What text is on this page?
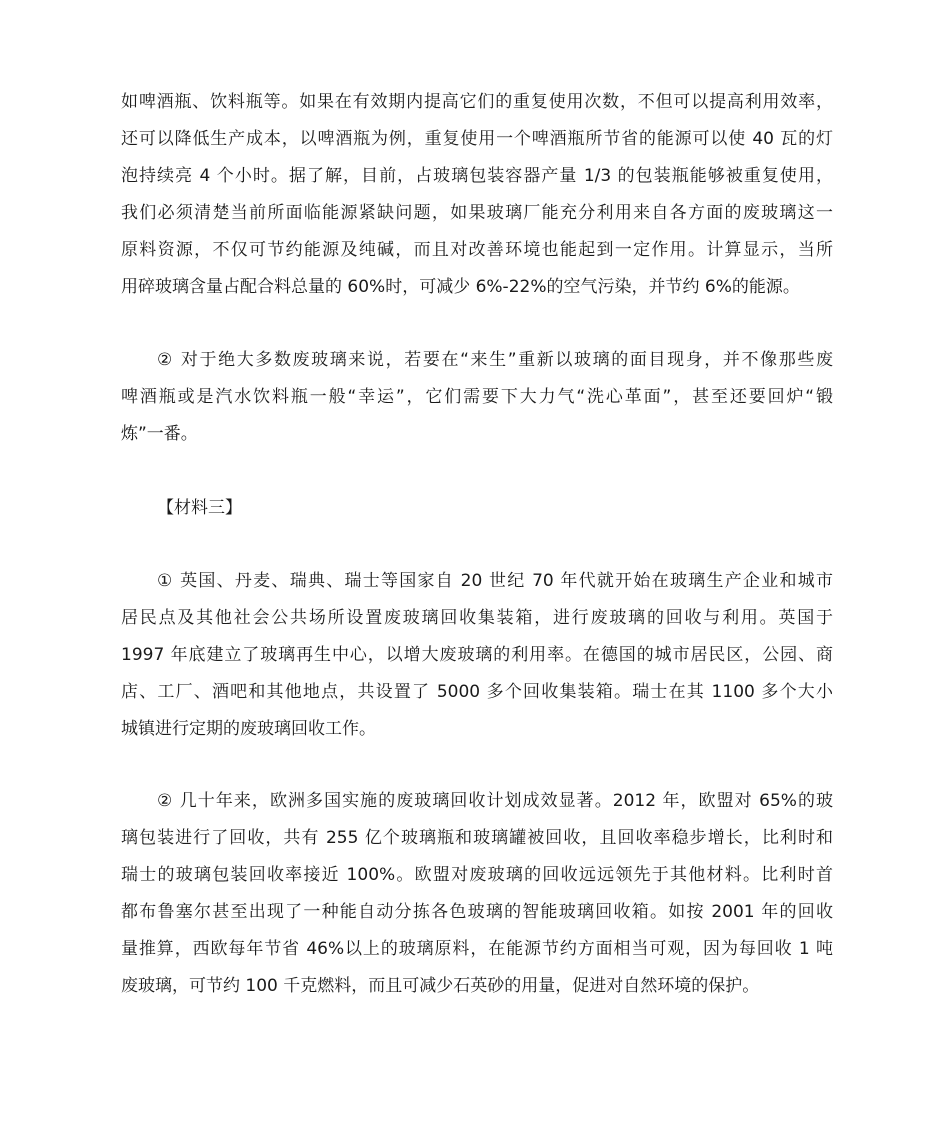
如啤酒瓶、饮料瓶等。如果在有效期内提高它们的重复使用次数，不但可以提高利用效率，
还可以降低生产成本，以啤酒瓶为例，重复使用一个啤酒瓶所节省的能源可以使 40 瓦的灯
泡持续亮 4 个小时。据了解，目前，占玻璃包装容器产量 1/3 的包装瓶能够被重复使用，
我们必须清楚当前所面临能源紧缺问题，如果玻璃厂能充分利用来自各方面的废玻璃这一
原料资源，不仅可节约能源及纯碱，而且对改善环境也能起到一定作用。计算显示，当所
用碎玻璃含量占配合料总量的 60%时，可减少 6%-22%的空气污染，并节约 6%的能源。
② 对于绝大多数废玻璃来说，若要在“来生”重新以玻璃的面目现身，并不像那些废
啤酒瓶或是汽水饮料瓶一般“幸运”，它们需要下大力气“洗心革面”，甚至还要回炉“锻
炼”一番。
【材料三】
① 英国、丹麦、瑞典、瑞士等国家自 20 世纪 70 年代就开始在玻璃生产企业和城市
居民点及其他社会公共场所设置废玻璃回收集装箱，进行废玻璃的回收与利用。英国于
1997 年底建立了玻璃再生中心，以增大废玻璃的利用率。在德国的城市居民区，公园、商
店、工厂、酒吧和其他地点，共设置了 5000 多个回收集装箱。瑞士在其 1100 多个大小
城镇进行定期的废玻璃回收工作。
② 几十年来，欧洲多国实施的废玻璃回收计划成效显著。2012 年，欧盟对 65%的玻
璃包装进行了回收，共有 255 亿个玻璃瓶和玻璃罐被回收，且回收率稳步增长，比利时和
瑞士的玻璃包装回收率接近 100%。欧盟对废玻璃的回收远远领先于其他材料。比利时首
都布鲁塞尔甚至出现了一种能自动分拣各色玻璃的智能玻璃回收箱。如按 2001 年的回收
量推算，西欧每年节省 46%以上的玻璃原料，在能源节约方面相当可观，因为每回收 1 吨
废玻璃，可节约 100 千克燃料，而且可减少石英砂的用量，促进对自然环境的保护。
